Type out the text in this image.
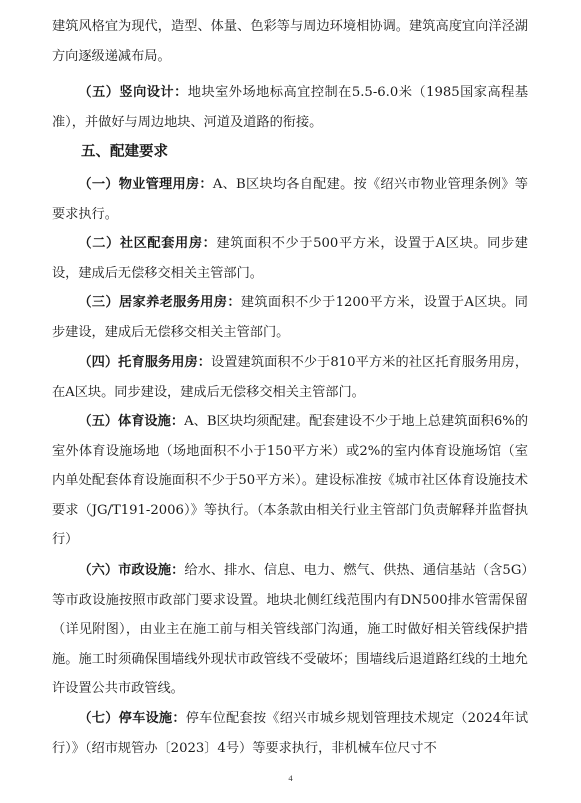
建筑风格宜为现代，造型、体量、色彩等与周边环境相协调。建筑高度宜向洋泾湖方向逐级递减布局。
（五）竖向设计：地块室外场地标高宜控制在5.5-6.0米（1985国家高程基准），并做好与周边地块、河道及道路的衔接。
五、配建要求
（一）物业管理用房：A、B区块均各自配建。按《绍兴市物业管理条例》等要求执行。
（二）社区配套用房：建筑面积不少于500平方米，设置于A区块。同步建设，建成后无偿移交相关主管部门。
（三）居家养老服务用房：建筑面积不少于1200平方米，设置于A区块。同步建设，建成后无偿移交相关主管部门。
（四）托育服务用房：设置建筑面积不少于810平方米的社区托育服务用房，在A区块。同步建设，建成后无偿移交相关主管部门。
（五）体育设施：A、B区块均须配建。配套建设不少于地上总建筑面积6%的室外体育设施场地（场地面积不小于150平方米）或2%的室内体育设施场馆（室内单处配套体育设施面积不少于50平方米）。建设标准按《城市社区体育设施技术要求（JG/T191-2006）》等执行。（本条款由相关行业主管部门负责解释并监督执行）
（六）市政设施：给水、排水、信息、电力、燃气、供热、通信基站（含5G）等市政设施按照市政部门要求设置。地块北侧红线范围内有DN500排水管需保留（详见附图），由业主在施工前与相关管线部门沟通，施工时做好相关管线保护措施。施工时须确保围墙线外现状市政管线不受破坏；围墙线后退道路红线的土地允许设置公共市政管线。
（七）停车设施：停车位配套按《绍兴市城乡规划管理技术规定（2024年试行）》（绍市规管办〔2023〕4号）等要求执行，非机械车位尺寸不
4
